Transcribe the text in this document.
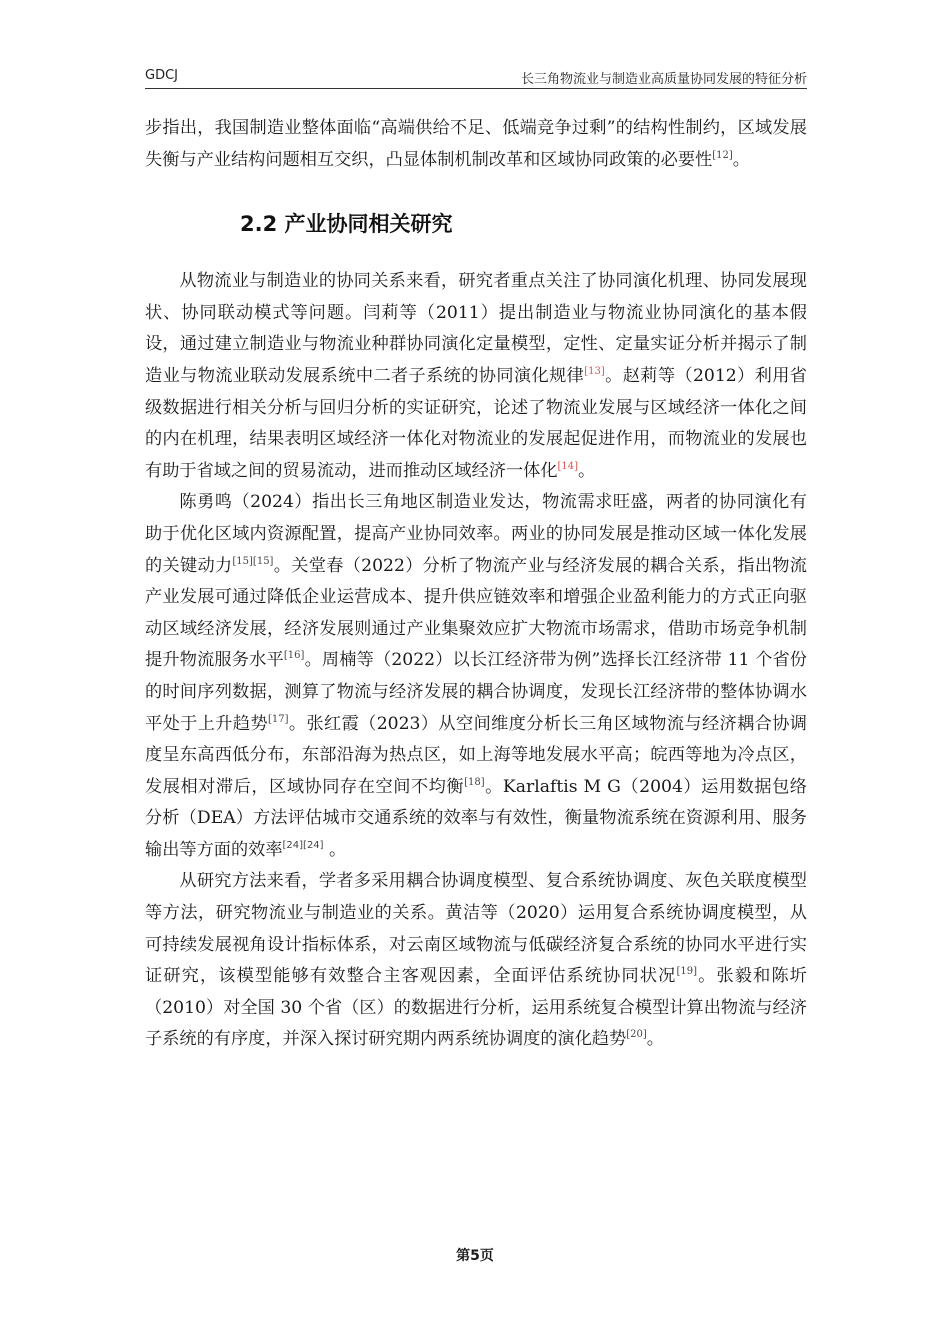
GDCJ	长三角物流业与制造业高质量协同发展的特征分析

步指出，我国制造业整体面临“高端供给不足、低端竞争过剩”的结构性制约，区域发展失衡与产业结构问题相互交织，凸显体制机制改革和区域协同政策的必要性[12]。

2.2 产业协同相关研究

从物流业与制造业的协同关系来看，研究者重点关注了协同演化机理、协同发展现状、协同联动模式等问题。闫莉等（2011）提出制造业与物流业协同演化的基本假设，通过建立制造业与物流业种群协同演化定量模型，定性、定量实证分析并揭示了制造业与物流业联动发展系统中二者子系统的协同演化规律[13]。赵莉等（2012）利用省级数据进行相关分析与回归分析的实证研究，论述了物流业发展与区域经济一体化之间的内在机理，结果表明区域经济一体化对物流业的发展起促进作用，而物流业的发展也有助于省域之间的贸易流动，进而推动区域经济一体化[14]。

陈勇鸣（2024）指出长三角地区制造业发达，物流需求旺盛，两者的协同演化有助于优化区域内资源配置，提高产业协同效率。两业的协同发展是推动区域一体化发展的关键动力[15][15]。关堂春（2022）分析了物流产业与经济发展的耦合关系，指出物流产业发展可通过降低企业运营成本、提升供应链效率和增强企业盈利能力的方式正向驱动区域经济发展，经济发展则通过产业集聚效应扩大物流市场需求，借助市场竞争机制提升物流服务水平[16]。周楠等（2022）以长江经济带为例”选择长江经济带 11 个省份的时间序列数据，测算了物流与经济发展的耦合协调度，发现长江经济带的整体协调水平处于上升趋势[17]。张红霞（2023）从空间维度分析长三角区域物流与经济耦合协调度呈东高西低分布，东部沿海为热点区，如上海等地发展水平高；皖西等地为冷点区，发展相对滞后，区域协同存在空间不均衡[18]。Karlaftis M G（2004）运用数据包络分析（DEA）方法评估城市交通系统的效率与有效性，衡量物流系统在资源利用、服务输出等方面的效率[24][24] 。

从研究方法来看，学者多采用耦合协调度模型、复合系统协调度、灰色关联度模型等方法，研究物流业与制造业的关系。黄洁等（2020）运用复合系统协调度模型，从可持续发展视角设计指标体系，对云南区域物流与低碳经济复合系统的协同水平进行实证研究，该模型能够有效整合主客观因素，全面评估系统协同状况[19]。张毅和陈圻（2010）对全国 30 个省（区）的数据进行分析，运用系统复合模型计算出物流与经济子系统的有序度，并深入探讨研究期内两系统协调度的演化趋势[20]。

第5页
